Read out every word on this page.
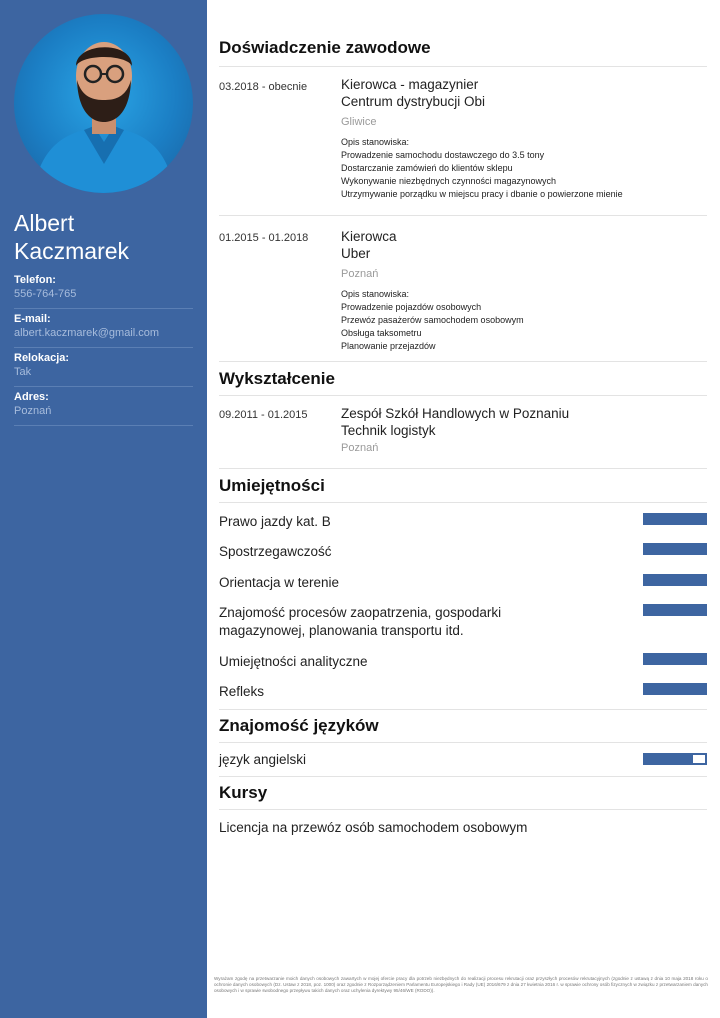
Albert
Kaczmarek
Telefon:
556-764-765
E-mail:
albert.kaczmarek@gmail.com
Relokacja:
Tak
Adres:
Poznań
Doświadczenie zawodowe
03.2018 - obecnie	Kierowca - magazynier
Centrum dystrybucji Obi
Gliwice
Opis stanowiska:
Prowadzenie samochodu dostawczego do 3.5 tony
Dostarczanie zamówień do klientów sklepu
Wykonywanie niezbędnych czynności magazynowych
Utrzymywanie porządku w miejscu pracy i dbanie o powierzone mienie
01.2015 - 01.2018 Kierowca
Uber
Poznań
Opis stanowiska:
Prowadzenie pojazdów osobowych
Przewóz pasażerów samochodem osobowym
Obsługa taksometru
Planowanie przejazdów
Wykształcenie
09.2011 - 01.2015 Zespół Szkół Handlowych w Poznaniu
Technik logistyk
Poznań
Umiejętności
Prawo jazdy kat. B
Spostrzegawczość
Orientacja w terenie
Znajomość procesów zaopatrzenia, gospodarki
magazynowej, planowania transportu itd.
Umiejętności analityczne
Refleks
Znajomość języków
język angielski
Kursy
Licencja na przewóz osób samochodem osobowym
Wyrażam zgodę na przetwarzanie moich danych osobowych zawartych w mojej ofercie pracy dla potrzeb niezbędnych do realizacji procesu rekrutacji oraz przyszłych procesów rekrutacyjnych (zgodnie z ustawą z dnia 10 maja 2018 roku o ochronie danych osobowych (Dz. Ustaw z 2018, poz. 1000) oraz zgodnie z Rozporządzeniem Parlamentu Europejskiego i Rady (UE) 2016/679 z dnia 27 kwietnia 2016 r. w sprawie ochrony osób fizycznych w związku z przetwarzaniem danych osobowych i w sprawie swobodnego przepływu takich danych oraz uchylenia dyrektywy 95/46/WE (RODO)).
